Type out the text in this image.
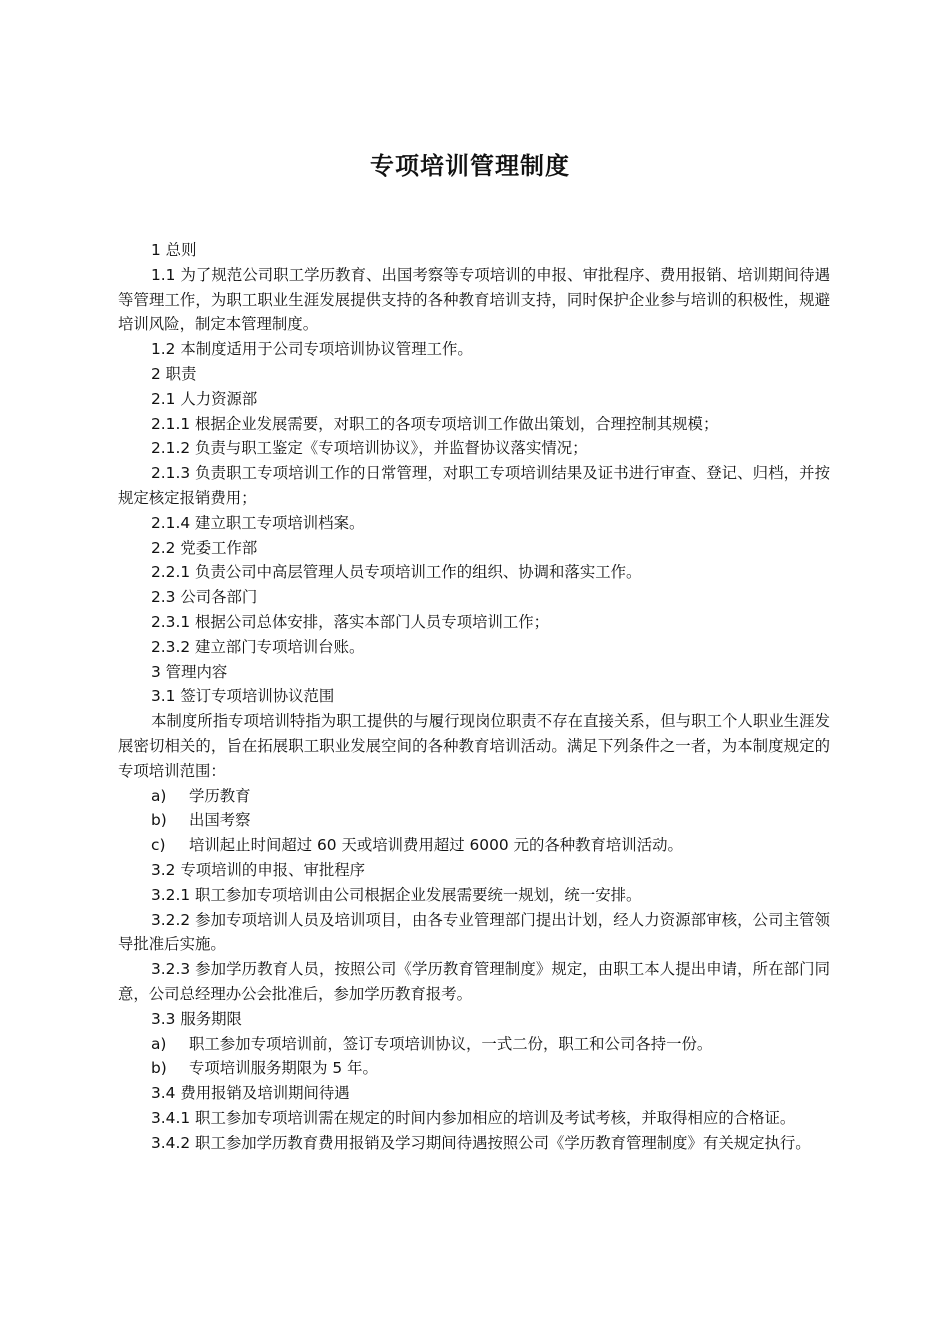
专项培训管理制度

1 总则

1.1 为了规范公司职工学历教育、出国考察等专项培训的申报、审批程序、费用报销、培训期间待遇等管理工作，为职工职业生涯发展提供支持的各种教育培训支持，同时保护企业参与培训的积极性，规避培训风险，制定本管理制度。

1.2 本制度适用于公司专项培训协议管理工作。

2 职责

2.1 人力资源部

2.1.1 根据企业发展需要，对职工的各项专项培训工作做出策划，合理控制其规模；

2.1.2 负责与职工鉴定《专项培训协议》，并监督协议落实情况；

2.1.3 负责职工专项培训工作的日常管理，对职工专项培训结果及证书进行审查、登记、归档，并按规定核定报销费用；

2.1.4 建立职工专项培训档案。

2.2 党委工作部

2.2.1 负责公司中高层管理人员专项培训工作的组织、协调和落实工作。

2.3 公司各部门

2.3.1 根据公司总体安排，落实本部门人员专项培训工作；

2.3.2 建立部门专项培训台账。

3 管理内容

3.1 签订专项培训协议范围

本制度所指专项培训特指为职工提供的与履行现岗位职责不存在直接关系，但与职工个人职业生涯发展密切相关的，旨在拓展职工职业发展空间的各种教育培训活动。满足下列条件之一者，为本制度规定的专项培训范围：

a) 学历教育

b) 出国考察

c) 培训起止时间超过 60 天或培训费用超过 6000 元的各种教育培训活动。

3.2 专项培训的申报、审批程序

3.2.1 职工参加专项培训由公司根据企业发展需要统一规划，统一安排。

3.2.2 参加专项培训人员及培训项目，由各专业管理部门提出计划，经人力资源部审核，公司主管领导批准后实施。

3.2.3 参加学历教育人员，按照公司《学历教育管理制度》规定，由职工本人提出申请，所在部门同意，公司总经理办公会批准后，参加学历教育报考。

3.3 服务期限

a) 职工参加专项培训前，签订专项培训协议，一式二份，职工和公司各持一份。

b) 专项培训服务期限为 5 年。

3.4 费用报销及培训期间待遇

3.4.1 职工参加专项培训需在规定的时间内参加相应的培训及考试考核，并取得相应的合格证。

3.4.2 职工参加学历教育费用报销及学习期间待遇按照公司《学历教育管理制度》有关规定执行。
